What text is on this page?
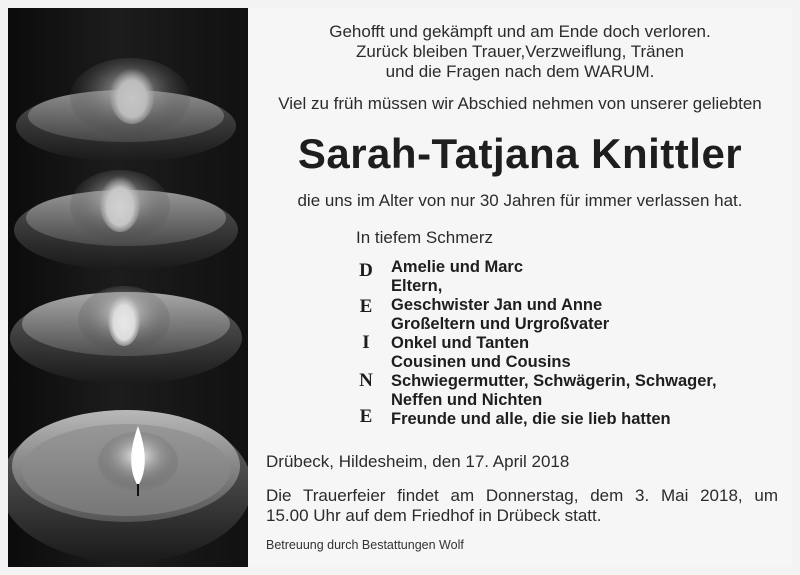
Gehofft und gekämpft und am Ende doch verloren.
Zurück bleiben Trauer,Verzweiflung, Tränen
und die Fragen nach dem WARUM.
Viel zu früh müssen wir Abschied nehmen von unserer geliebten
Sarah-Tatjana Knittler
die uns im Alter von nur 30 Jahren für immer verlassen hat.
In tiefem Schmerz
D
E
I
N
E
Amelie und Marc
Eltern,
Geschwister Jan und Anne
Großeltern und Urgroßvater
Onkel und Tanten
Cousinen und Cousins
Schwiegermutter, Schwägerin, Schwager,
Neffen und Nichten
Freunde und alle, die sie lieb hatten
Drübeck, Hildesheim, den 17. April 2018
Die Trauerfeier findet am Donnerstag, dem 3. Mai 2018, um
15.00 Uhr auf dem Friedhof in Drübeck statt.
Betreuung durch Bestattungen Wolf
